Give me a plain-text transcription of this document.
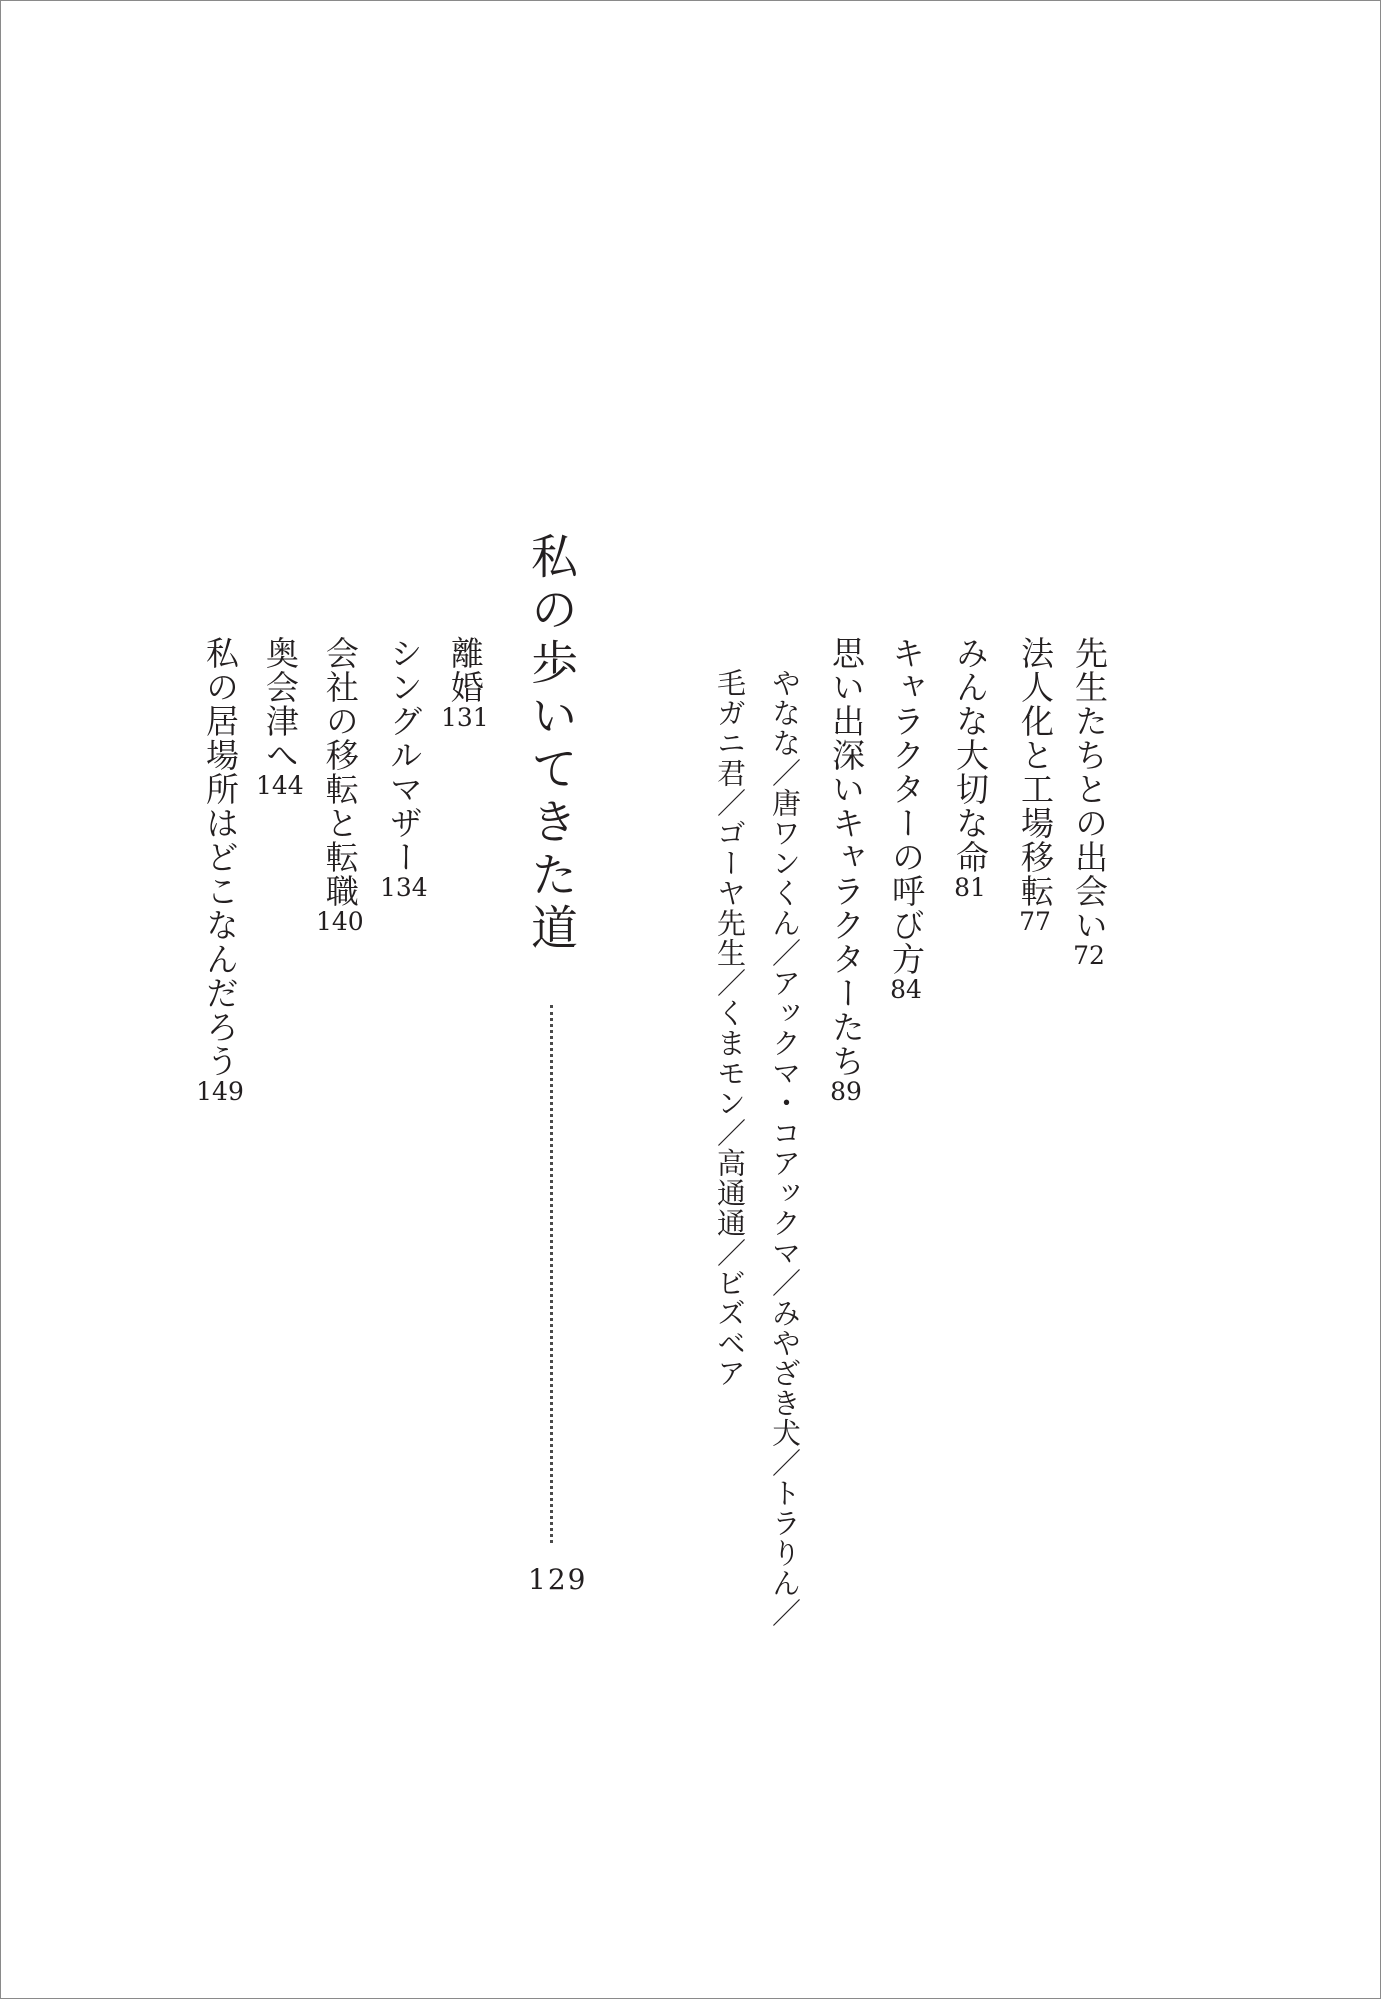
先生たちとの出会い72
法人化と工場移転77
みんな大切な命81
キャラクターの呼び方84
思い出深いキャラクターたち89
やなな／唐ワンくん／アックマ・コアックマ／みやざき犬／トラりん／
毛ガニ君／ゴーヤ先生／くまモン／高通通／ビズベア
私の歩いてきた道
129
離婚131
シングルマザー134
会社の移転と転職140
奥会津へ144
私の居場所はどこなんだろう149
